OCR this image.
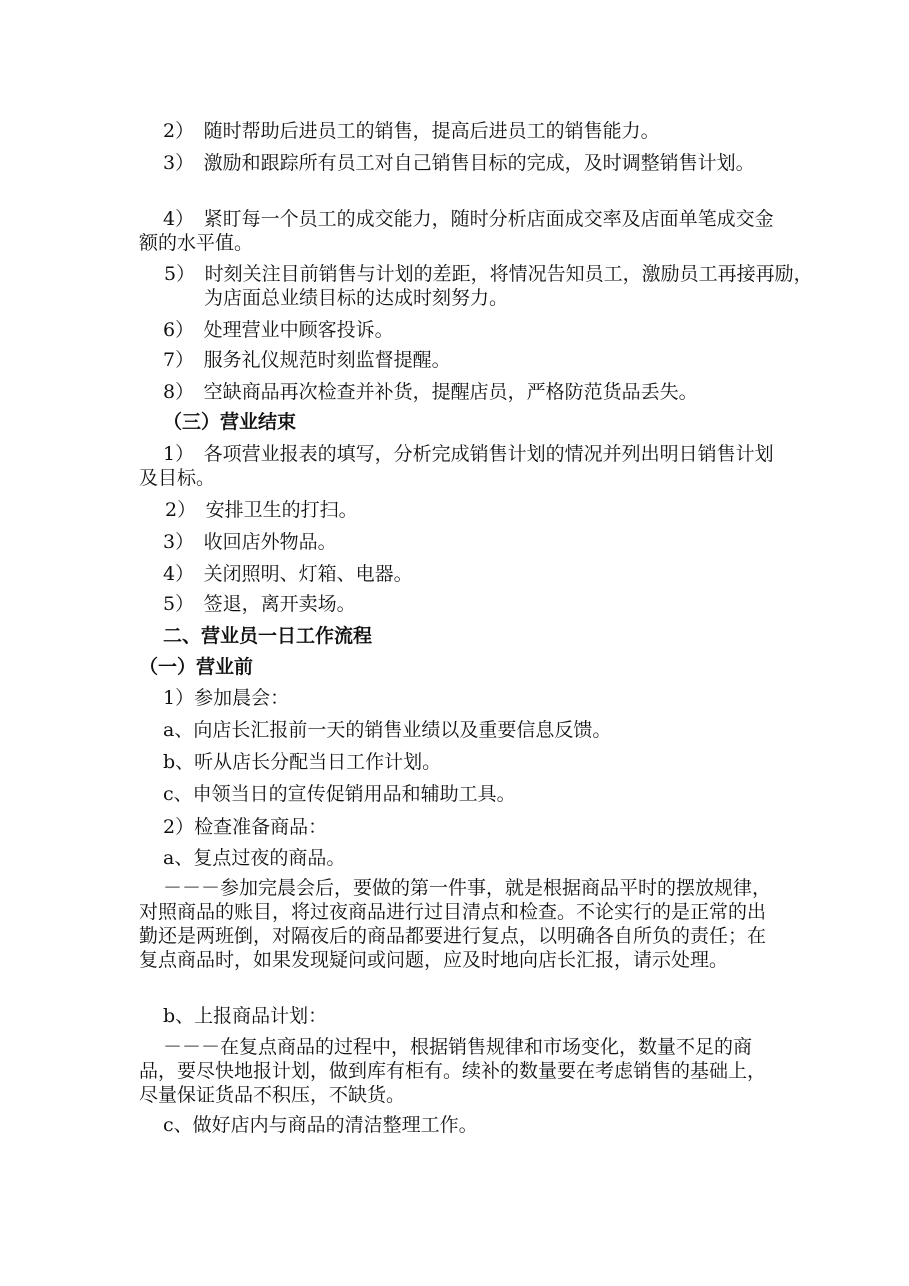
2）　随时帮助后进员工的销售，提高后进员工的销售能力。

3）　激励和跟踪所有员工对自己销售目标的完成，及时调整销售计划。

4）　紧盯每一个员工的成交能力，随时分析店面成交率及店面单笔成交金额的水平值。

5）　时刻关注目前销售与计划的差距，将情况告知员工，激励员工再接再励，为店面总业绩目标的达成时刻努力。

6）　处理营业中顾客投诉。

7）　服务礼仪规范时刻监督提醒。

8）　空缺商品再次检查并补货，提醒店员，严格防范货品丢失。

（三）营业结束

1）　各项营业报表的填写，分析完成销售计划的情况并列出明日销售计划及目标。

2）　安排卫生的打扫。

3）　收回店外物品。

4）　关闭照明、灯箱、电器。

5）　签退，离开卖场。

二、营业员一日工作流程

（一）营业前

1）参加晨会：

a、向店长汇报前一天的销售业绩以及重要信息反馈。

b、听从店长分配当日工作计划。

c、申领当日的宣传促销用品和辅助工具。

2）检查准备商品：

a、复点过夜的商品。

－－－参加完晨会后，要做的第一件事，就是根据商品平时的摆放规律，对照商品的账目，将过夜商品进行过目清点和检查。不论实行的是正常的出勤还是两班倒，对隔夜后的商品都要进行复点，以明确各自所负的责任；在复点商品时，如果发现疑问或问题，应及时地向店长汇报，请示处理。

b、上报商品计划：

－－－在复点商品的过程中，根据销售规律和市场变化，数量不足的商品，要尽快地报计划，做到库有柜有。续补的数量要在考虑销售的基础上，尽量保证货品不积压，不缺货。

c、做好店内与商品的清洁整理工作。
